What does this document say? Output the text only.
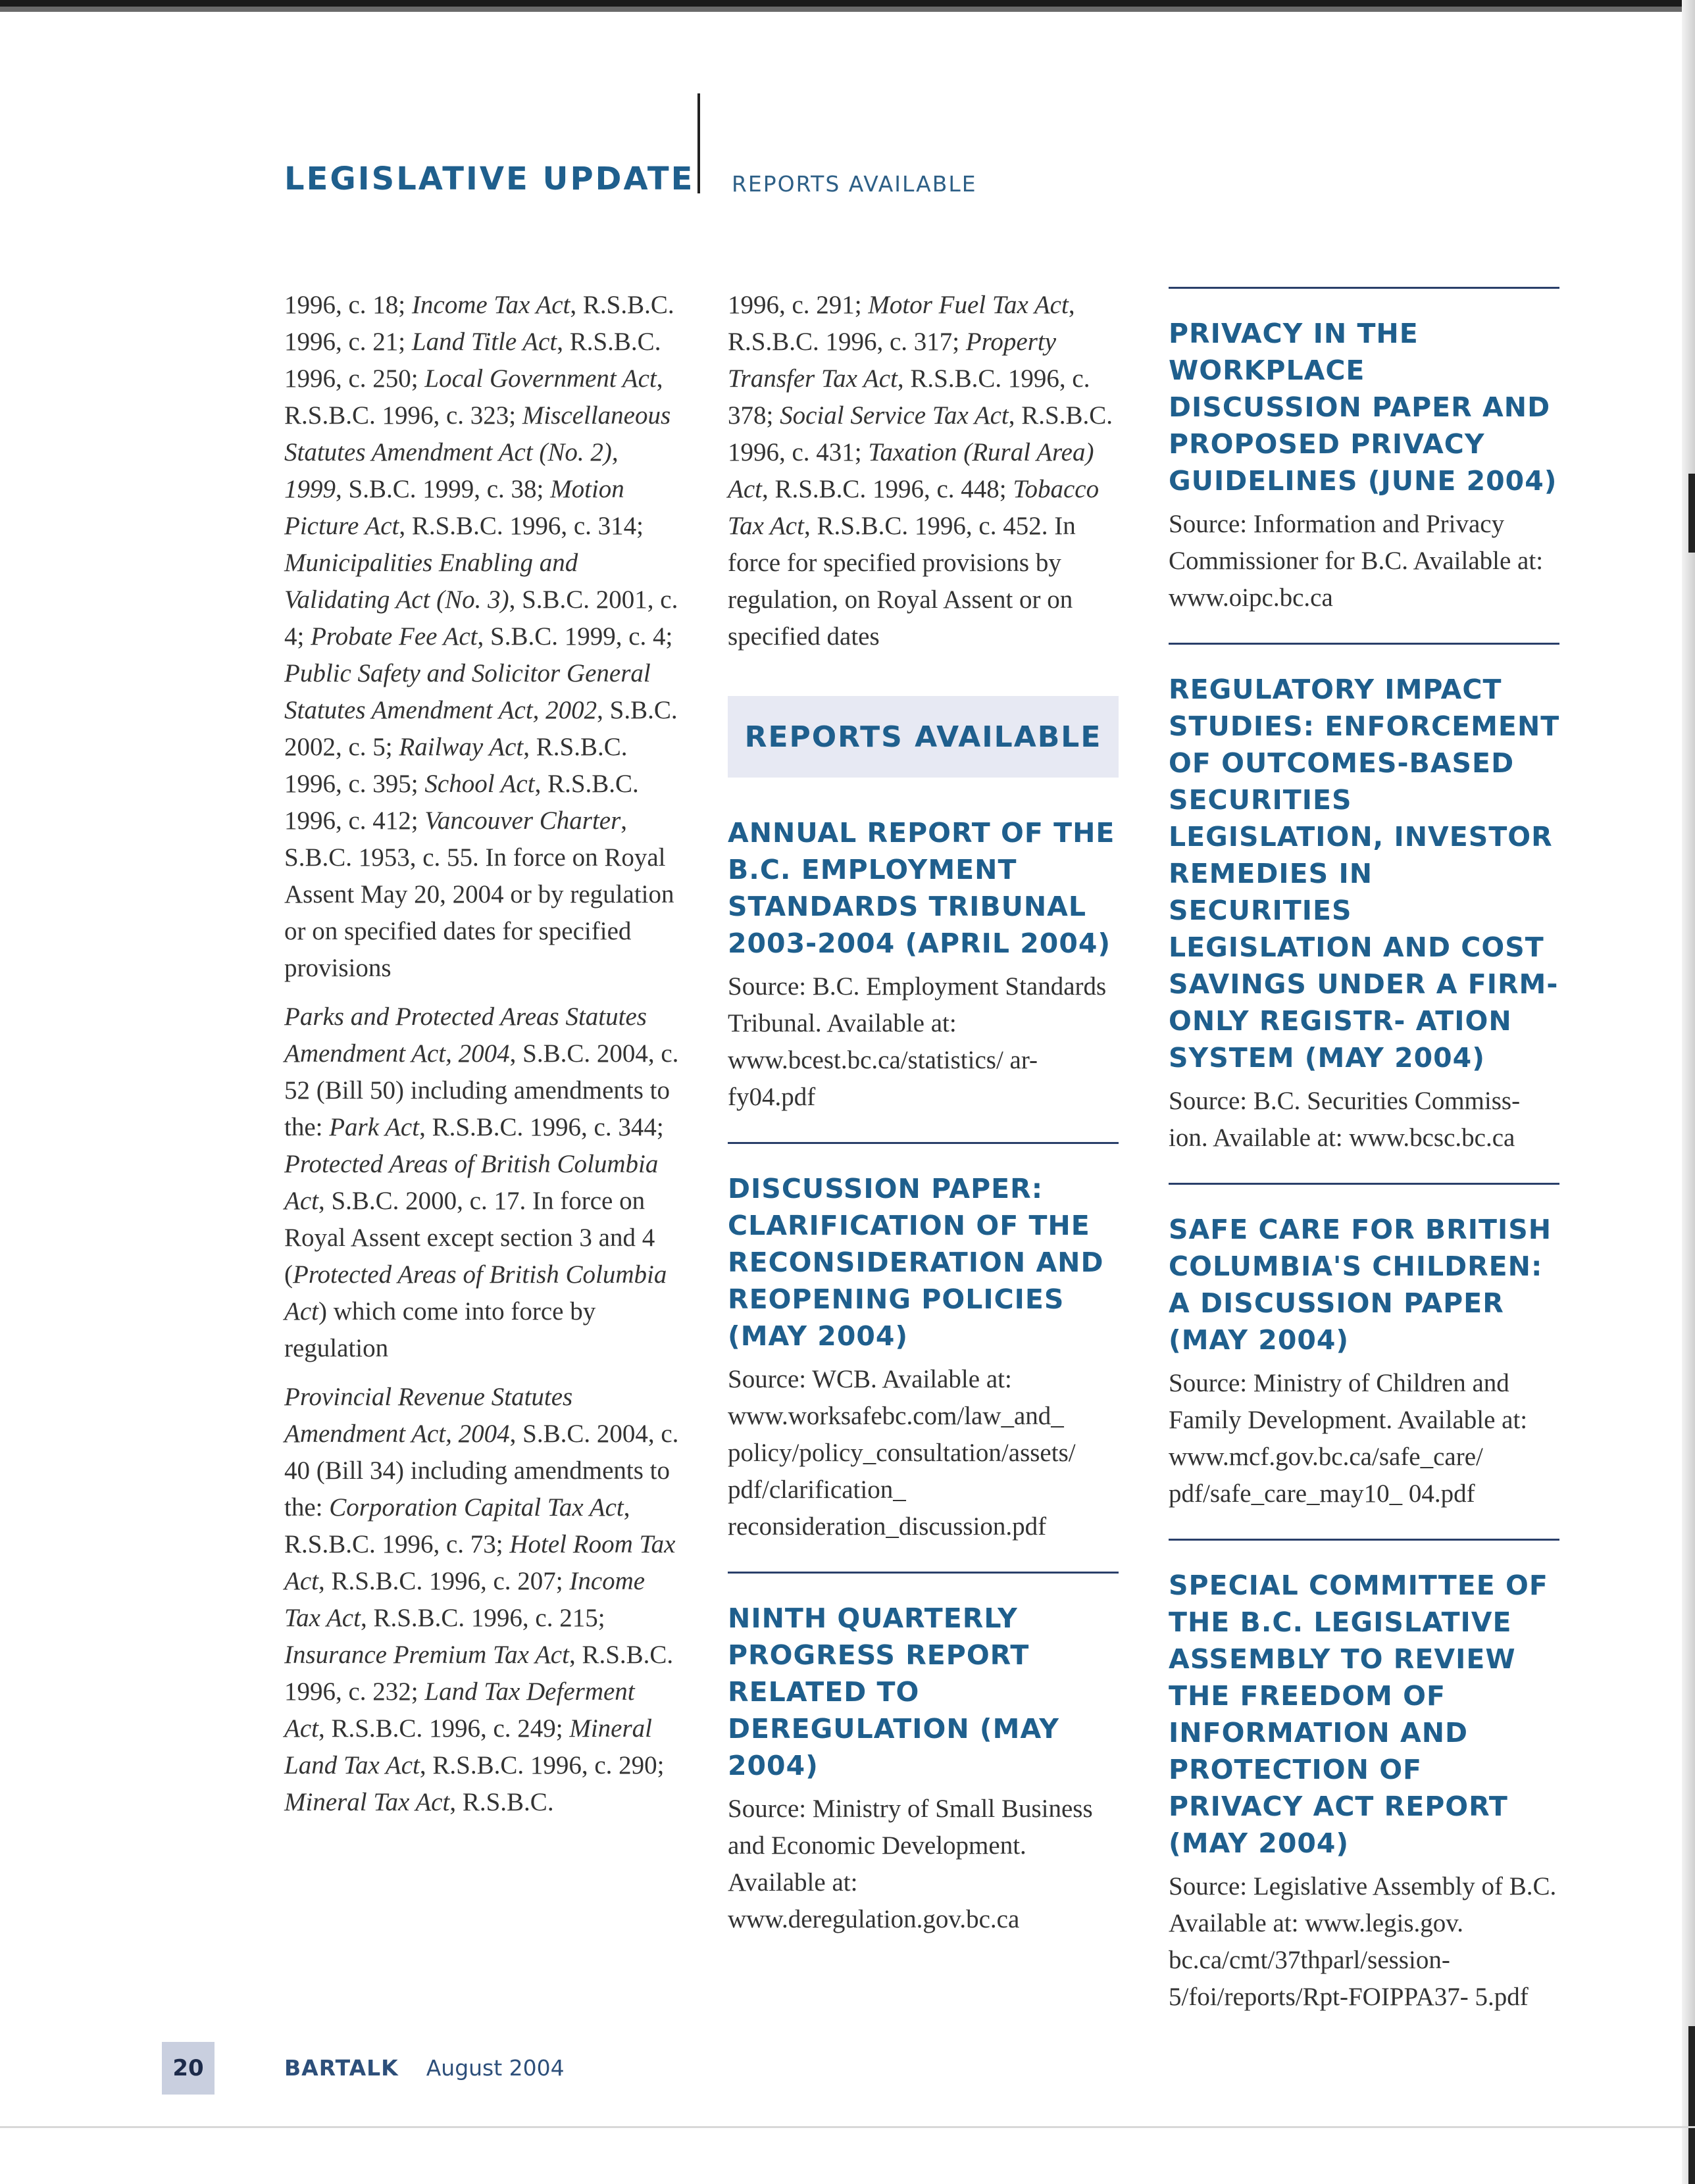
LEGISLATIVE UPDATE REPORTS AVAILABLE

1996, c. 18; Income Tax Act, R.S.B.C. 1996, c. 21; Land Title Act, R.S.B.C. 1996, c. 250; Local Government Act, R.S.B.C. 1996, c. 323; Miscellaneous Statutes Amendment Act (No. 2), 1999, S.B.C. 1999, c. 38; Motion Picture Act, R.S.B.C. 1996, c. 314; Municipalities Enabling and Validating Act (No. 3), S.B.C. 2001, c. 4; Probate Fee Act, S.B.C. 1999, c. 4; Public Safety and Solicitor General Statutes Amendment Act, 2002, S.B.C. 2002, c. 5; Railway Act, R.S.B.C. 1996, c. 395; School Act, R.S.B.C. 1996, c. 412; Vancouver Charter, S.B.C. 1953, c. 55. In force on Royal Assent May 20, 2004 or by regulation or on specified dates for specified provisions

Parks and Protected Areas Statutes Amendment Act, 2004, S.B.C. 2004, c. 52 (Bill 50) including amendments to the: Park Act, R.S.B.C. 1996, c. 344; Protected Areas of British Columbia Act, S.B.C. 2000, c. 17. In force on Royal Assent except section 3 and 4 (Protected Areas of British Columbia Act) which come into force by regulation

Provincial Revenue Statutes Amendment Act, 2004, S.B.C. 2004, c. 40 (Bill 34) including amendments to the: Corporation Capital Tax Act, R.S.B.C. 1996, c. 73; Hotel Room Tax Act, R.S.B.C. 1996, c. 207; Income Tax Act, R.S.B.C. 1996, c. 215; Insurance Premium Tax Act, R.S.B.C. 1996, c. 232; Land Tax Deferment Act, R.S.B.C. 1996, c. 249; Mineral Land Tax Act, R.S.B.C. 1996, c. 290; Mineral Tax Act, R.S.B.C.

1996, c. 291; Motor Fuel Tax Act, R.S.B.C. 1996, c. 317; Property Transfer Tax Act, R.S.B.C. 1996, c. 378; Social Service Tax Act, R.S.B.C. 1996, c. 431; Taxation (Rural Area) Act, R.S.B.C. 1996, c. 448; Tobacco Tax Act, R.S.B.C. 1996, c. 452. In force for specified provisions by regulation, on Royal Assent or on specified dates

REPORTS AVAILABLE

ANNUAL REPORT OF THE B.C. EMPLOYMENT STANDARDS TRIBUNAL 2003-2004 (APRIL 2004)

Source: B.C. Employment Standards Tribunal. Available at: www.bcest.bc.ca/statistics/ ar-fy04.pdf

DISCUSSION PAPER: CLARIFICATION OF THE RECONSIDERATION AND REOPENING POLICIES (MAY 2004)

Source: WCB. Available at: www.worksafebc.com/law_and_ policy/policy_consultation/assets/ pdf/clarification_ reconsideration_discussion.pdf

NINTH QUARTERLY PROGRESS REPORT RELATED TO DEREGULATION (MAY 2004)

Source: Ministry of Small Business and Economic Development. Available at: www.deregulation.gov.bc.ca

PRIVACY IN THE WORKPLACE DISCUSSION PAPER AND PROPOSED PRIVACY GUIDELINES (JUNE 2004)

Source: Information and Privacy Commissioner for B.C. Available at: www.oipc.bc.ca

REGULATORY IMPACT STUDIES: ENFORCEMENT OF OUTCOMES-BASED SECURITIES LEGISLATION, INVESTOR REMEDIES IN SECURITIES LEGISLATION AND COST SAVINGS UNDER A FIRM-ONLY REGISTR- ATION SYSTEM (MAY 2004)

Source: B.C. Securities Commiss- ion. Available at: www.bcsc.bc.ca

SAFE CARE FOR BRITISH COLUMBIA'S CHILDREN: A DISCUSSION PAPER (MAY 2004)

Source: Ministry of Children and Family Development. Available at: www.mcf.gov.bc.ca/safe_care/ pdf/safe_care_may10_ 04.pdf

SPECIAL COMMITTEE OF THE B.C. LEGISLATIVE ASSEMBLY TO REVIEW THE FREEDOM OF INFORMATION AND PROTECTION OF PRIVACY ACT REPORT (MAY 2004)

Source: Legislative Assembly of B.C. Available at: www.legis.gov. bc.ca/cmt/37thparl/session- 5/foi/reports/Rpt-FOIPPA37- 5.pdf

20	BARTALK August 2004
